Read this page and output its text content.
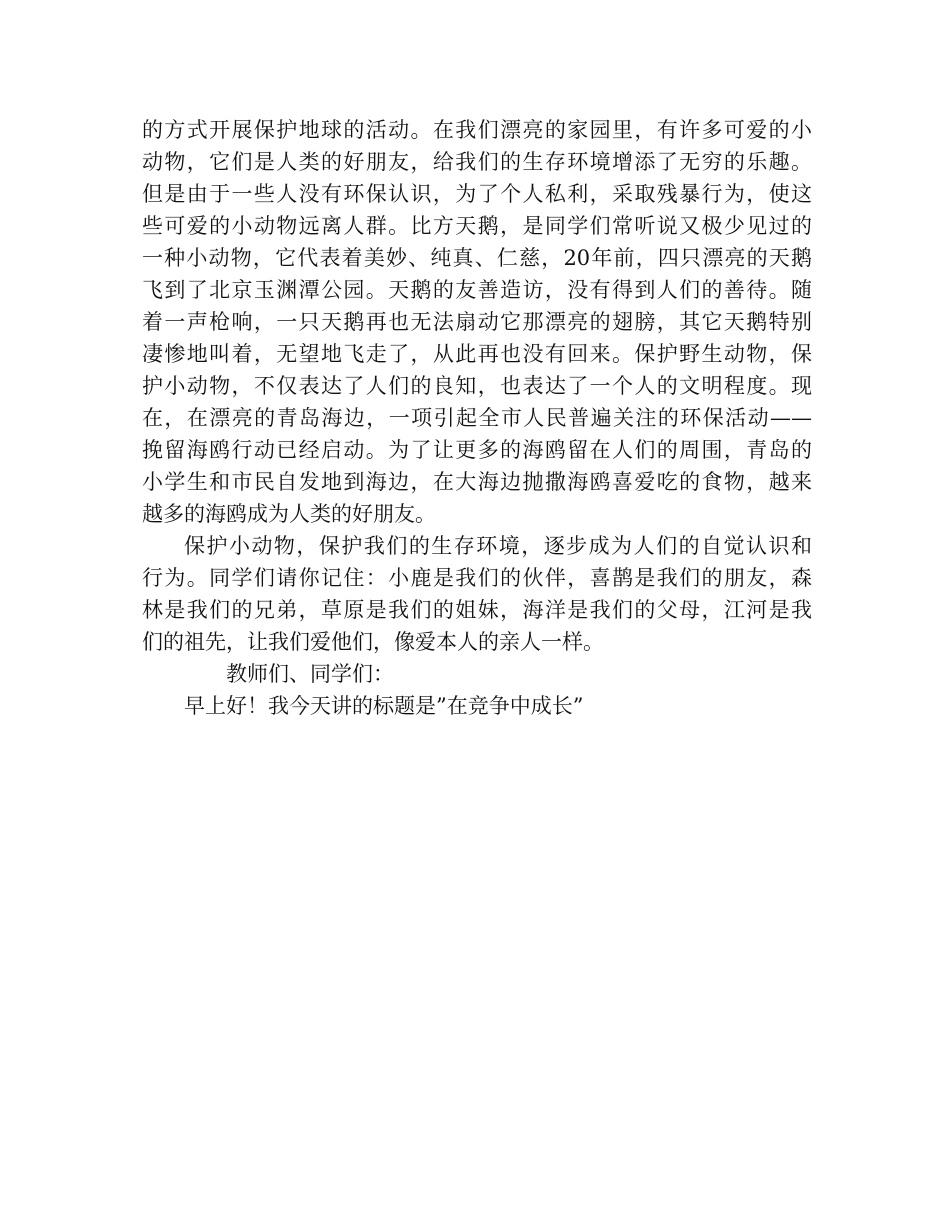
的方式开展保护地球的活动。在我们漂亮的家园里，有许多可爱的小
动物，它们是人类的好朋友，给我们的生存环境增添了无穷的乐趣。
但是由于一些人没有环保认识，为了个人私利，采取残暴行为，使这
些可爱的小动物远离人群。比方天鹅，是同学们常听说又极少见过的
一种小动物，它代表着美妙、纯真、仁慈，20年前，四只漂亮的天鹅
飞到了北京玉渊潭公园。天鹅的友善造访，没有得到人们的善待。随
着一声枪响，一只天鹅再也无法扇动它那漂亮的翅膀，其它天鹅特别
凄惨地叫着，无望地飞走了，从此再也没有回来。保护野生动物，保
护小动物，不仅表达了人们的良知，也表达了一个人的文明程度。现
在，在漂亮的青岛海边，一项引起全市人民普遍关注的环保活动——
挽留海鸥行动已经启动。为了让更多的海鸥留在人们的周围，青岛的
小学生和市民自发地到海边，在大海边抛撒海鸥喜爱吃的食物，越来
越多的海鸥成为人类的好朋友。
保护小动物，保护我们的生存环境，逐步成为人们的自觉认识和
行为。同学们请你记住：小鹿是我们的伙伴，喜鹊是我们的朋友，森
林是我们的兄弟，草原是我们的姐妹，海洋是我们的父母，江河是我
们的祖先，让我们爱他们，像爱本人的亲人一样。
教师们、同学们：
早上好！我今天讲的标题是”在竞争中成长”
